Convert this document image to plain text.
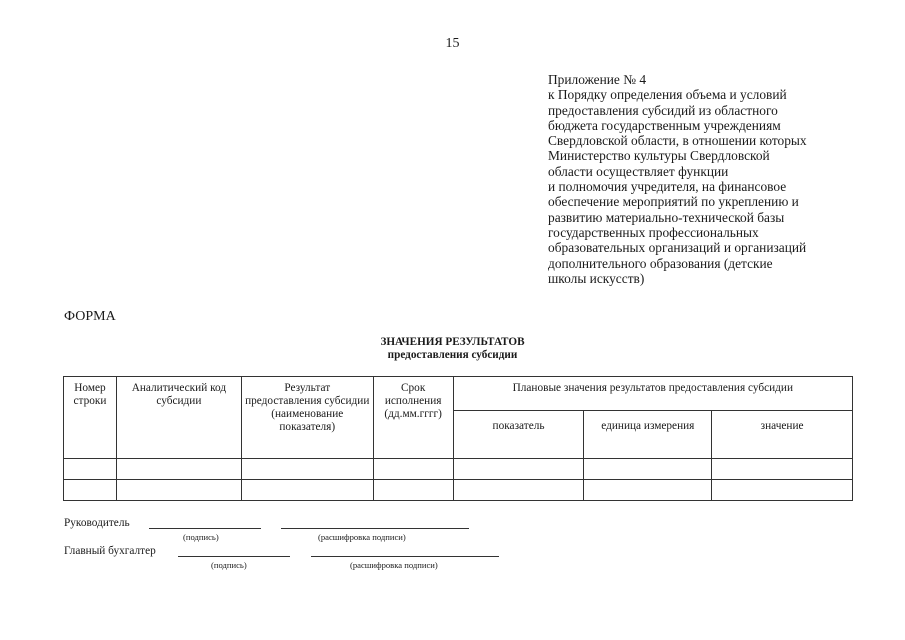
15
Приложение № 4
к Порядку определения объема и условий
предоставления субсидий из областного
бюджета государственным учреждениям
Свердловской области, в отношении которых
Министерство культуры Свердловской
области осуществляет функции
и полномочия учредителя, на финансовое
обеспечение мероприятий по укреплению и
развитию материально-технической базы
государственных профессиональных
образовательных организаций и организаций
дополнительного образования (детские
школы искусств)
ФОРМА
ЗНАЧЕНИЯ РЕЗУЛЬТАТОВ
предоставления субсидии
Номер строки	Аналитический код субсидии	Результат предоставления субсидии (наименование показателя)	Срок исполнения (дд.мм.гггг)	Плановые значения результатов предоставления субсидии		
				показатель	единица измерения	значение

Руководитель
(подпись)	(расшифровка подписи)
Главный бухгалтер
(подпись)	(расшифровка подписи)
